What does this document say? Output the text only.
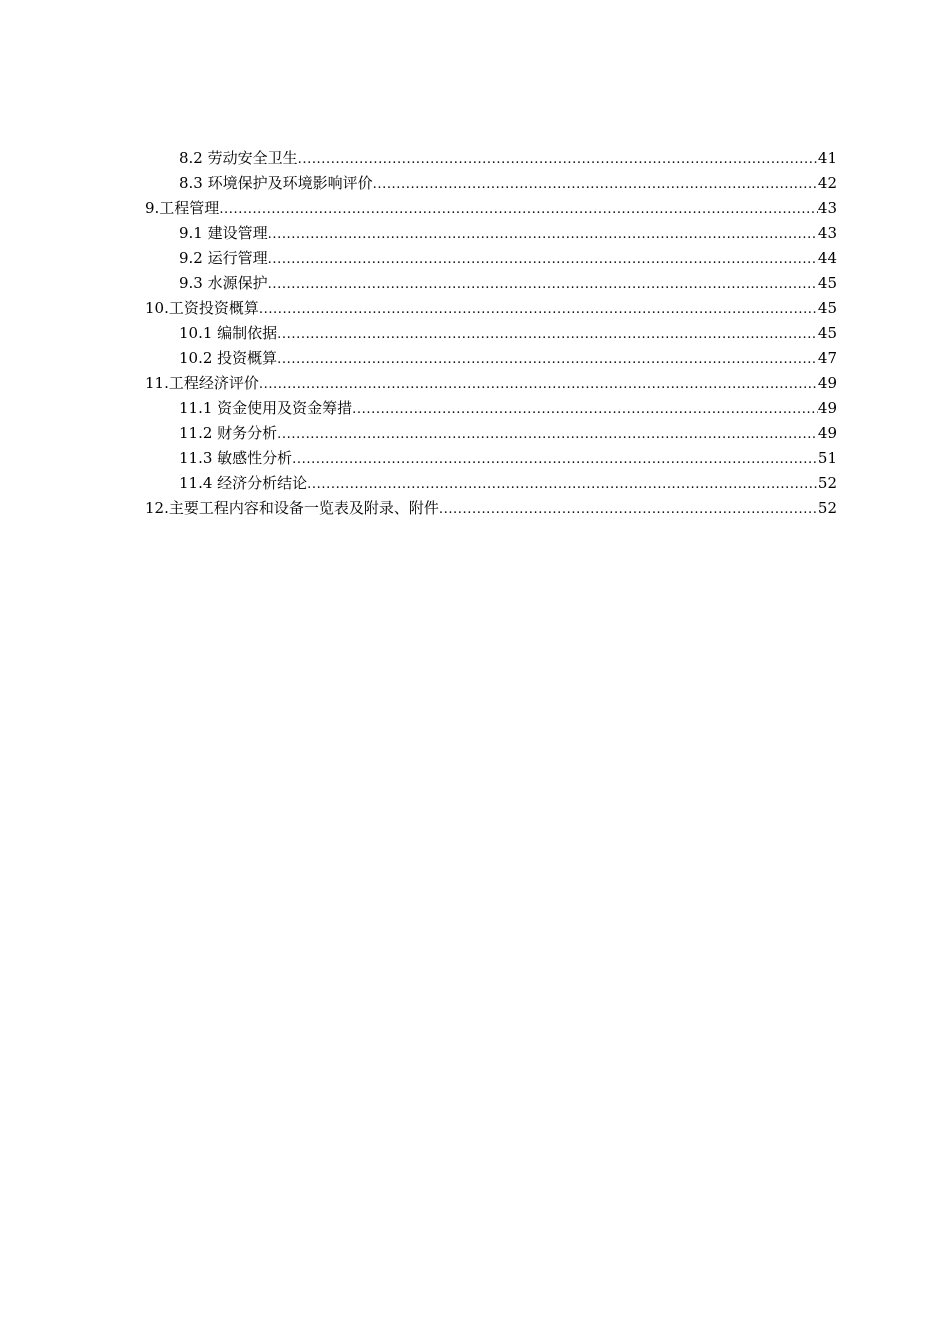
8.2 劳动安全卫生 .....	41
8.3 环境保护及环境影响评价 .....	42
9.工程管理 .....	43
9.1 建设管理 .....	43
9.2 运行管理 .....	44
9.3 水源保护 .....	45
10.工资投资概算 .....	45
10.1 编制依据 .....	45
10.2 投资概算 .....	47
11.工程经济评价 .....	49
11.1 资金使用及资金筹措 .....	49
11.2 财务分析 .....	49
11.3 敏感性分析 .....	51
11.4 经济分析结论 .....	52
12.主要工程内容和设备一览表及附录、附件 .....	52
